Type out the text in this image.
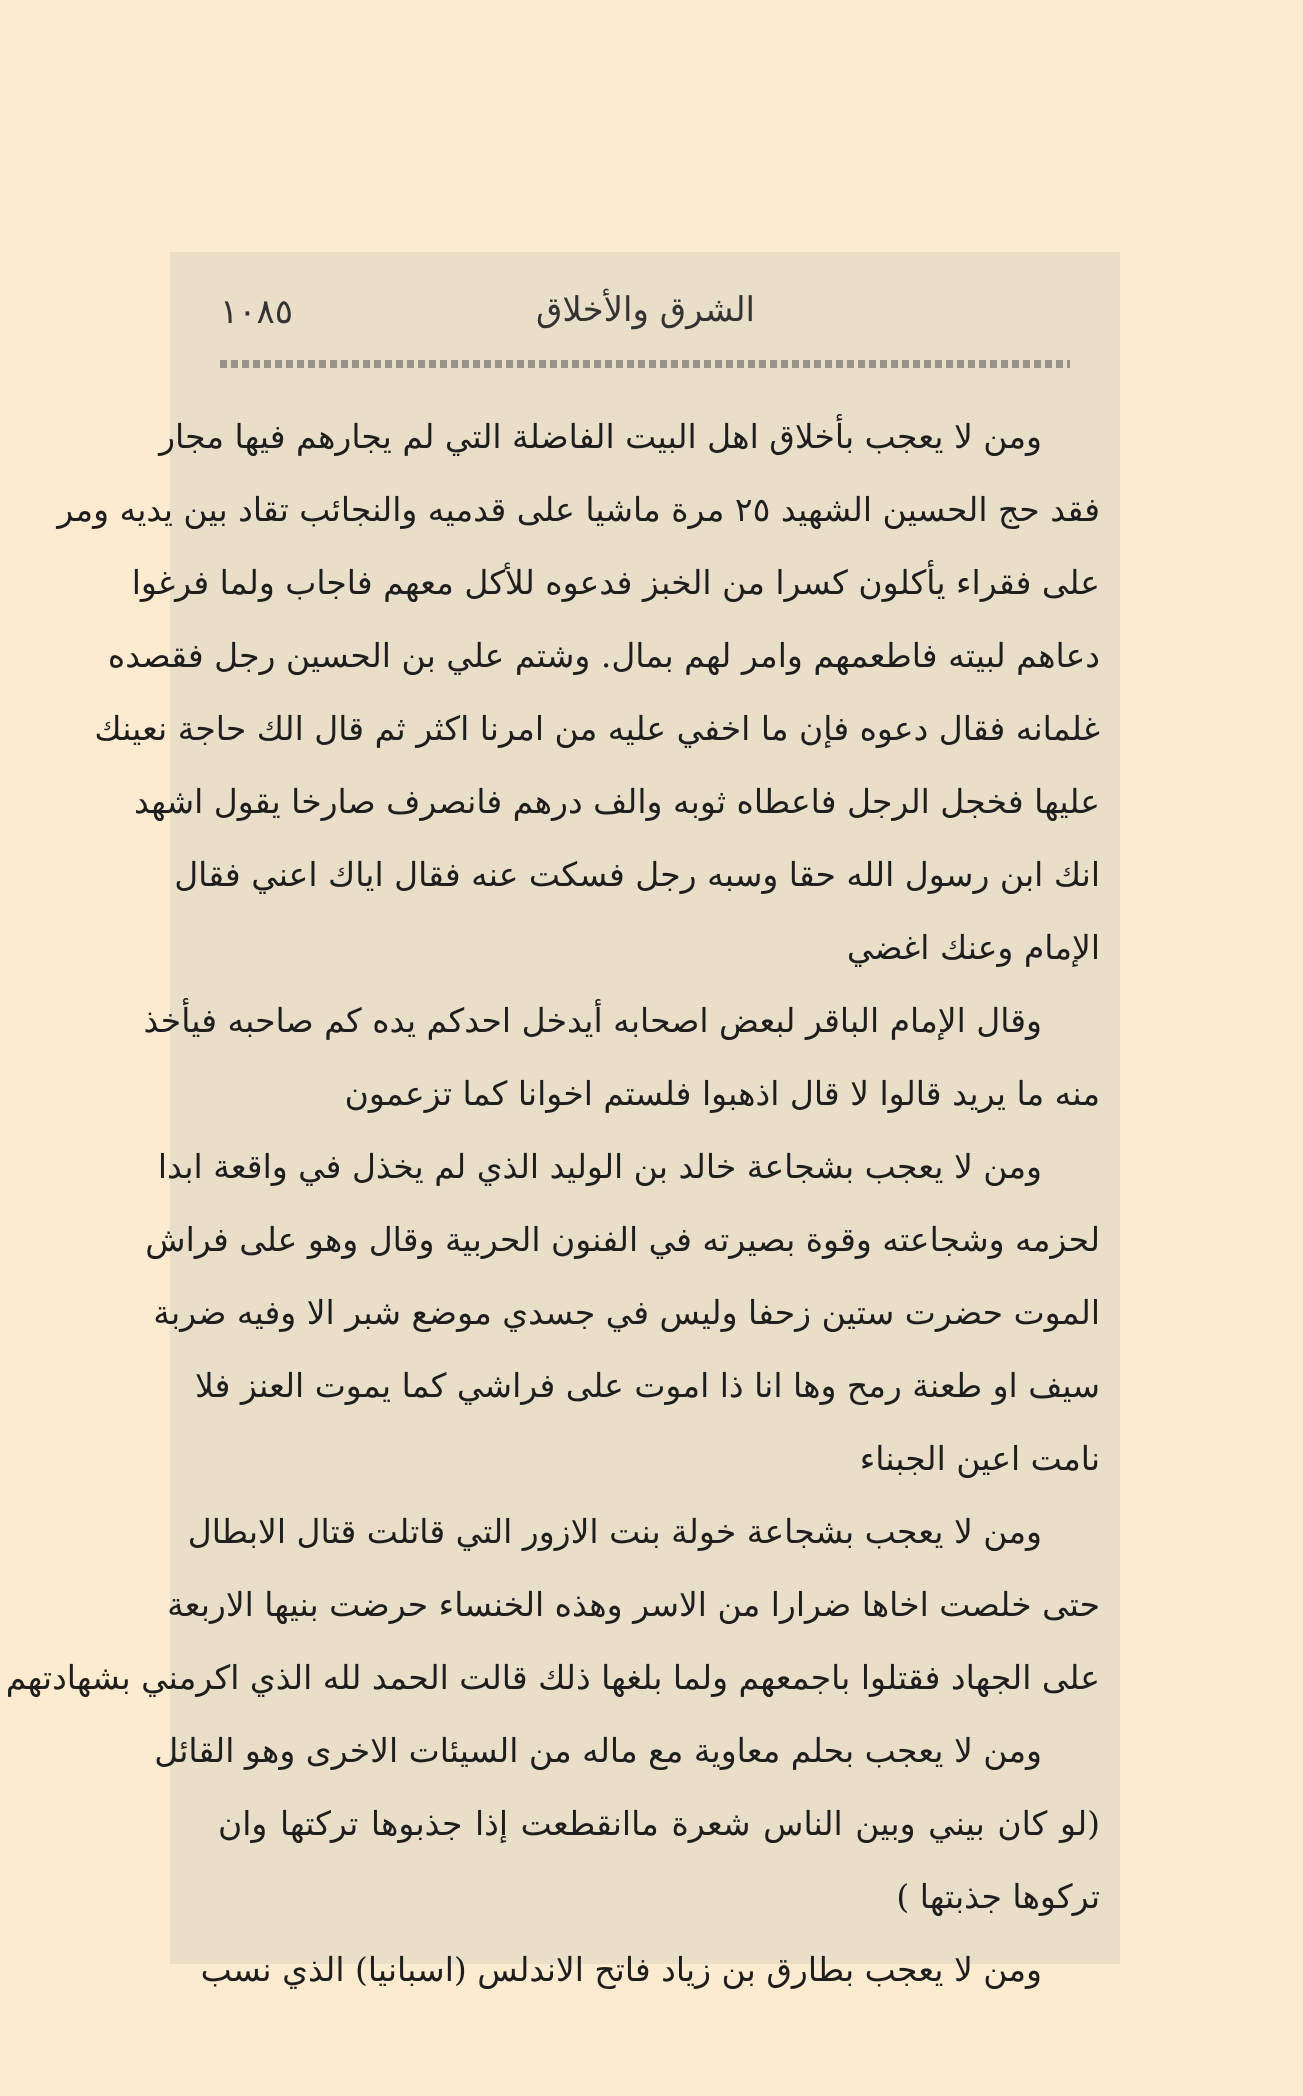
الشرق والأخلاق
١٠٨٥
ومن لا يعجب بأخلاق اهل البيت الفاضلة التي لم يجارهم فيها مجار
فقد حج الحسين الشهيد ٢٥ مرة ماشيا على قدميه والنجائب تقاد بين يديه ومر
على فقراء يأكلون كسرا من الخبز فدعوه للأكل معهم فاجاب ولما فرغوا
دعاهم لبيته فاطعمهم وامر لهم بمال. وشتم علي بن الحسين رجل فقصده
غلمانه فقال دعوه فإن ما اخفي عليه من امرنا اكثر ثم قال الك حاجة نعينك
عليها فخجل الرجل فاعطاه ثوبه والف درهم فانصرف صارخا يقول اشهد
انك ابن رسول الله حقا وسبه رجل فسكت عنه فقال اياك اعني فقال
الإمام وعنك اغضي
وقال الإمام الباقر لبعض اصحابه أيدخل احدكم يده كم صاحبه فيأخذ
منه ما يريد قالوا لا قال اذهبوا فلستم اخوانا كما تزعمون
ومن لا يعجب بشجاعة خالد بن الوليد الذي لم يخذل في واقعة ابدا
لحزمه وشجاعته وقوة بصيرته في الفنون الحربية وقال وهو على فراش
الموت حضرت ستين زحفا وليس في جسدي موضع شبر الا وفيه ضربة
سيف او طعنة رمح وها انا ذا اموت على فراشي كما يموت العنز فلا
نامت اعين الجبناء
ومن لا يعجب بشجاعة خولة بنت الازور التي قاتلت قتال الابطال
حتى خلصت اخاها ضرارا من الاسر وهذه الخنساء حرضت بنيها الاربعة
على الجهاد فقتلوا باجمعهم ولما بلغها ذلك قالت الحمد لله الذي اكرمني بشهادتهم
ومن لا يعجب بحلم معاوية مع ماله من السيئات الاخرى وهو القائل
(لو كان بيني وبين الناس شعرة ماانقطعت إذا جذبوها تركتها وان
تركوها جذبتها )
ومن لا يعجب بطارق بن زياد فاتح الاندلس (اسبانيا) الذي نسب
